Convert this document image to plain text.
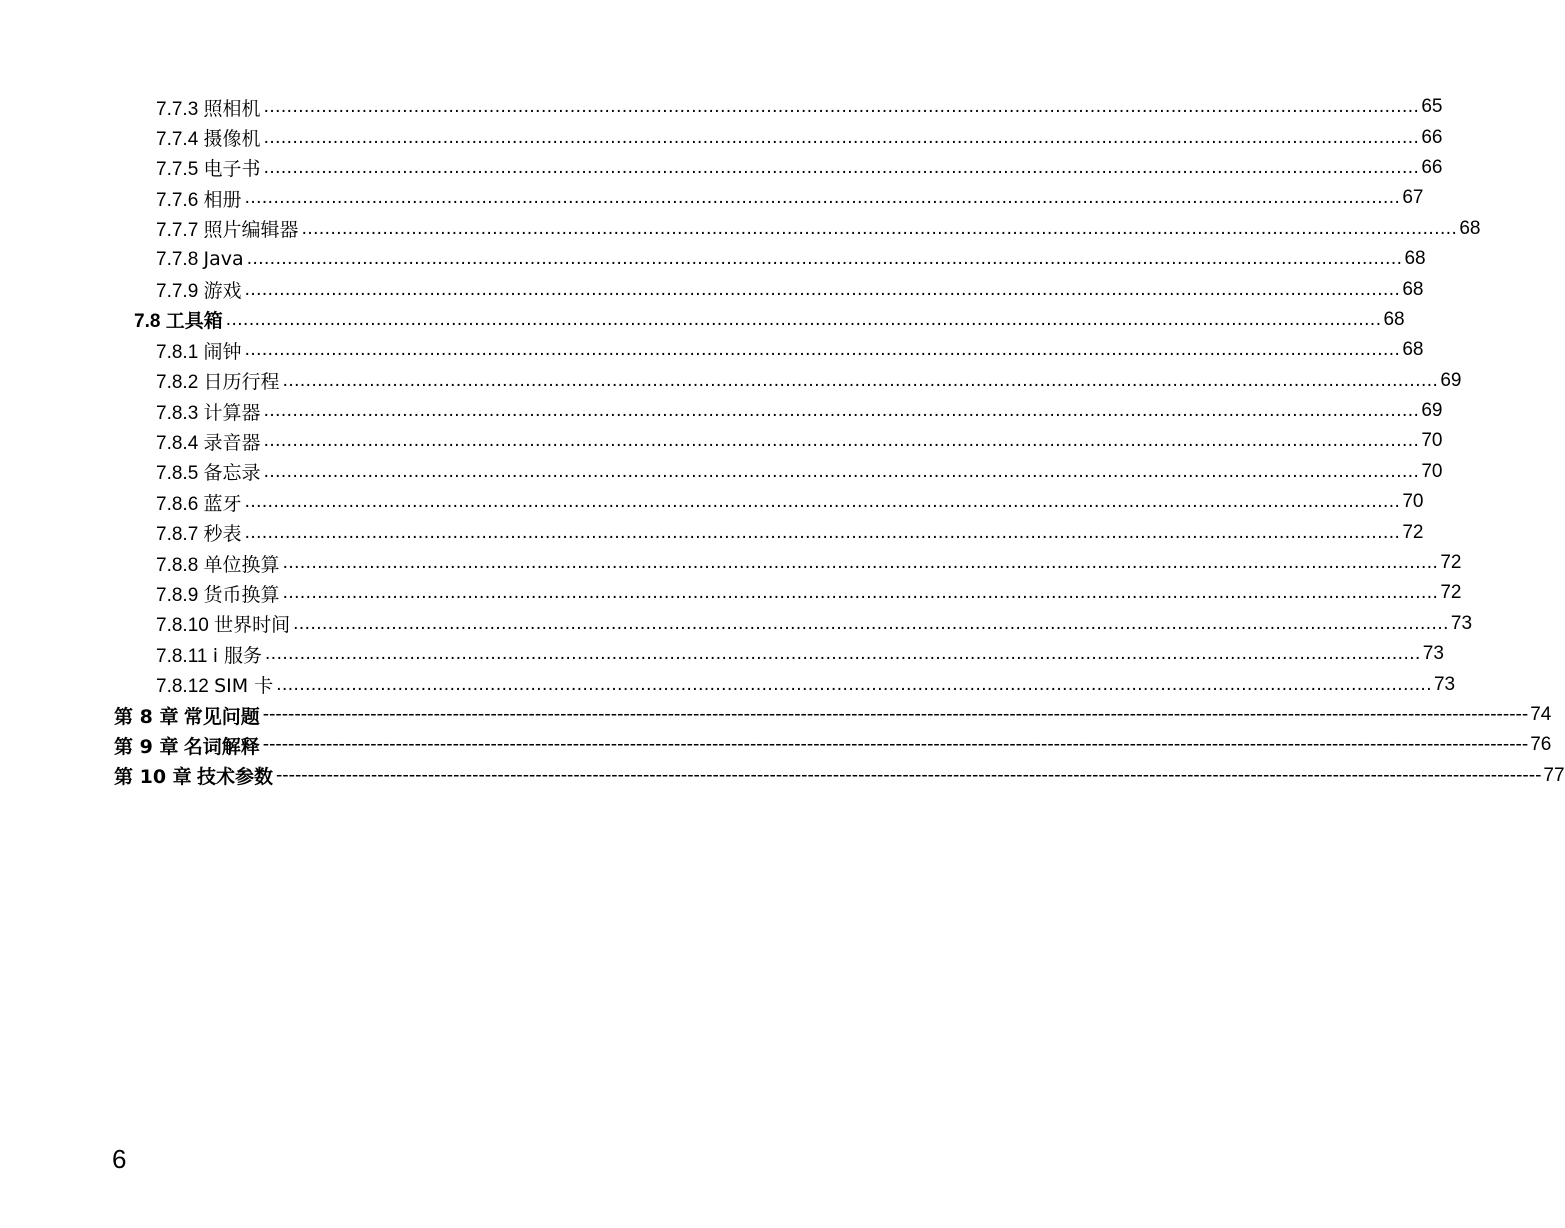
7.7.3 照相机 ........................................................................................................................................................................................................ 65
7.7.4 摄像机 ........................................................................................................................................................................................................ 66
7.7.5 电子书 ........................................................................................................................................................................................................ 66
7.7.6 相册 ........................................................................................................................................................................................................ 67
7.7.7 照片编辑器 ........................................................................................................................................................................................................ 68
7.7.8 Java ........................................................................................................................................................................................................ 68
7.7.9 游戏 ........................................................................................................................................................................................................ 68
7.8 工具箱 ........................................................................................................................................................................................................ 68
7.8.1 闹钟 ........................................................................................................................................................................................................ 68
7.8.2 日历行程 ........................................................................................................................................................................................................ 69
7.8.3 计算器 ........................................................................................................................................................................................................ 69
7.8.4 录音器 ........................................................................................................................................................................................................ 70
7.8.5 备忘录 ........................................................................................................................................................................................................ 70
7.8.6 蓝牙 ........................................................................................................................................................................................................ 70
7.8.7 秒表 ........................................................................................................................................................................................................ 72
7.8.8 单位换算 ........................................................................................................................................................................................................ 72
7.8.9 货币换算 ........................................................................................................................................................................................................ 72
7.8.10 世界时间 ........................................................................................................................................................................................................ 73
7.8.11 i 服务 ........................................................................................................................................................................................................ 73
7.8.12 SIM 卡 ........................................................................................................................................................................................................ 73
第 8 章 常见问题 -------------------------------------------------------------------------------------------------------------------------------------------------------------------------------------------------------- 74
第 9 章 名词解释 -------------------------------------------------------------------------------------------------------------------------------------------------------------------------------------------------------- 76
第 10 章 技术参数 -------------------------------------------------------------------------------------------------------------------------------------------------------------------------------------------------------- 77
6
